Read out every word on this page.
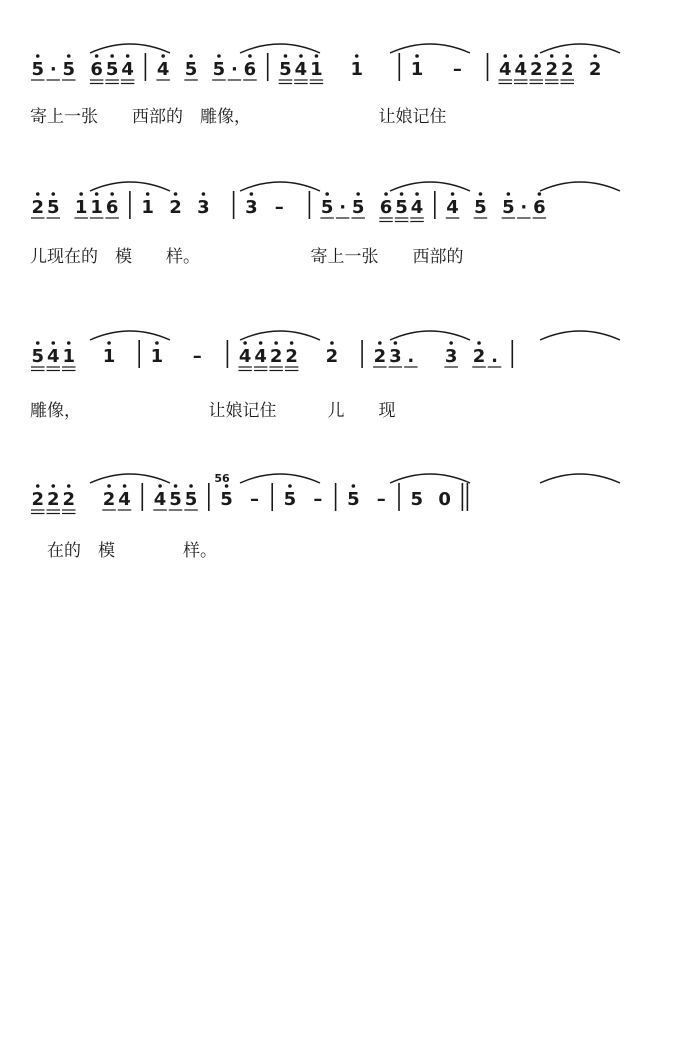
5 · 5 6 5 4 4 5 5 · 6 5 4 1 1	1 – 4 4 2 2 2 2
寄上一张　　西部的　雕像，　　　　　　　　让娘记住
2 5 1 1 6 1 2 3 3 – 5 · 5 6 5 4 4 5 5 · 6
儿现在的　模　　样。　　　　　　　寄上一张　　西部的
5 4 1 1 1 – 4 4 2 2 2 2 3 . 3 2 .
雕像，　　　　　　　　让娘记住　　　儿　　现
2 2 2 2 4 4 5 5 5 – 5 – 5 – 5 0
　在的　模　　　　样。
56
